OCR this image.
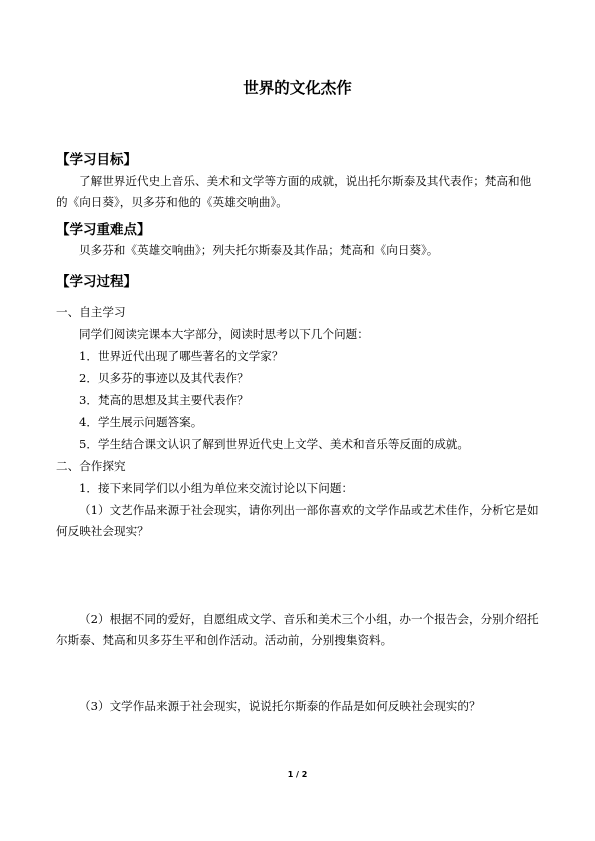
世界的文化杰作
【学习目标】
了解世界近代史上音乐、美术和文学等方面的成就，说出托尔斯泰及其代表作；梵高和他的《向日葵》，贝多芬和他的《英雄交响曲》。
【学习重难点】
贝多芬和《英雄交响曲》；列夫托尔斯泰及其作品；梵高和《向日葵》。
【学习过程】
一、自主学习
同学们阅读完课本大字部分，阅读时思考以下几个问题：
1．世界近代出现了哪些著名的文学家？
2．贝多芬的事迹以及其代表作？
3．梵高的思想及其主要代表作？
4．学生展示问题答案。
5．学生结合课文认识了解到世界近代史上文学、美术和音乐等反面的成就。
二、合作探究
1．接下来同学们以小组为单位来交流讨论以下问题：
（1）文艺作品来源于社会现实，请你列出一部你喜欢的文学作品或艺术佳作，分析它是如何反映社会现实？
（2）根据不同的爱好，自愿组成文学、音乐和美术三个小组，办一个报告会，分别介绍托尔斯泰、梵高和贝多芬生平和创作活动。活动前，分别搜集资料。
（3）文学作品来源于社会现实，说说托尔斯泰的作品是如何反映社会现实的？
1 / 2
